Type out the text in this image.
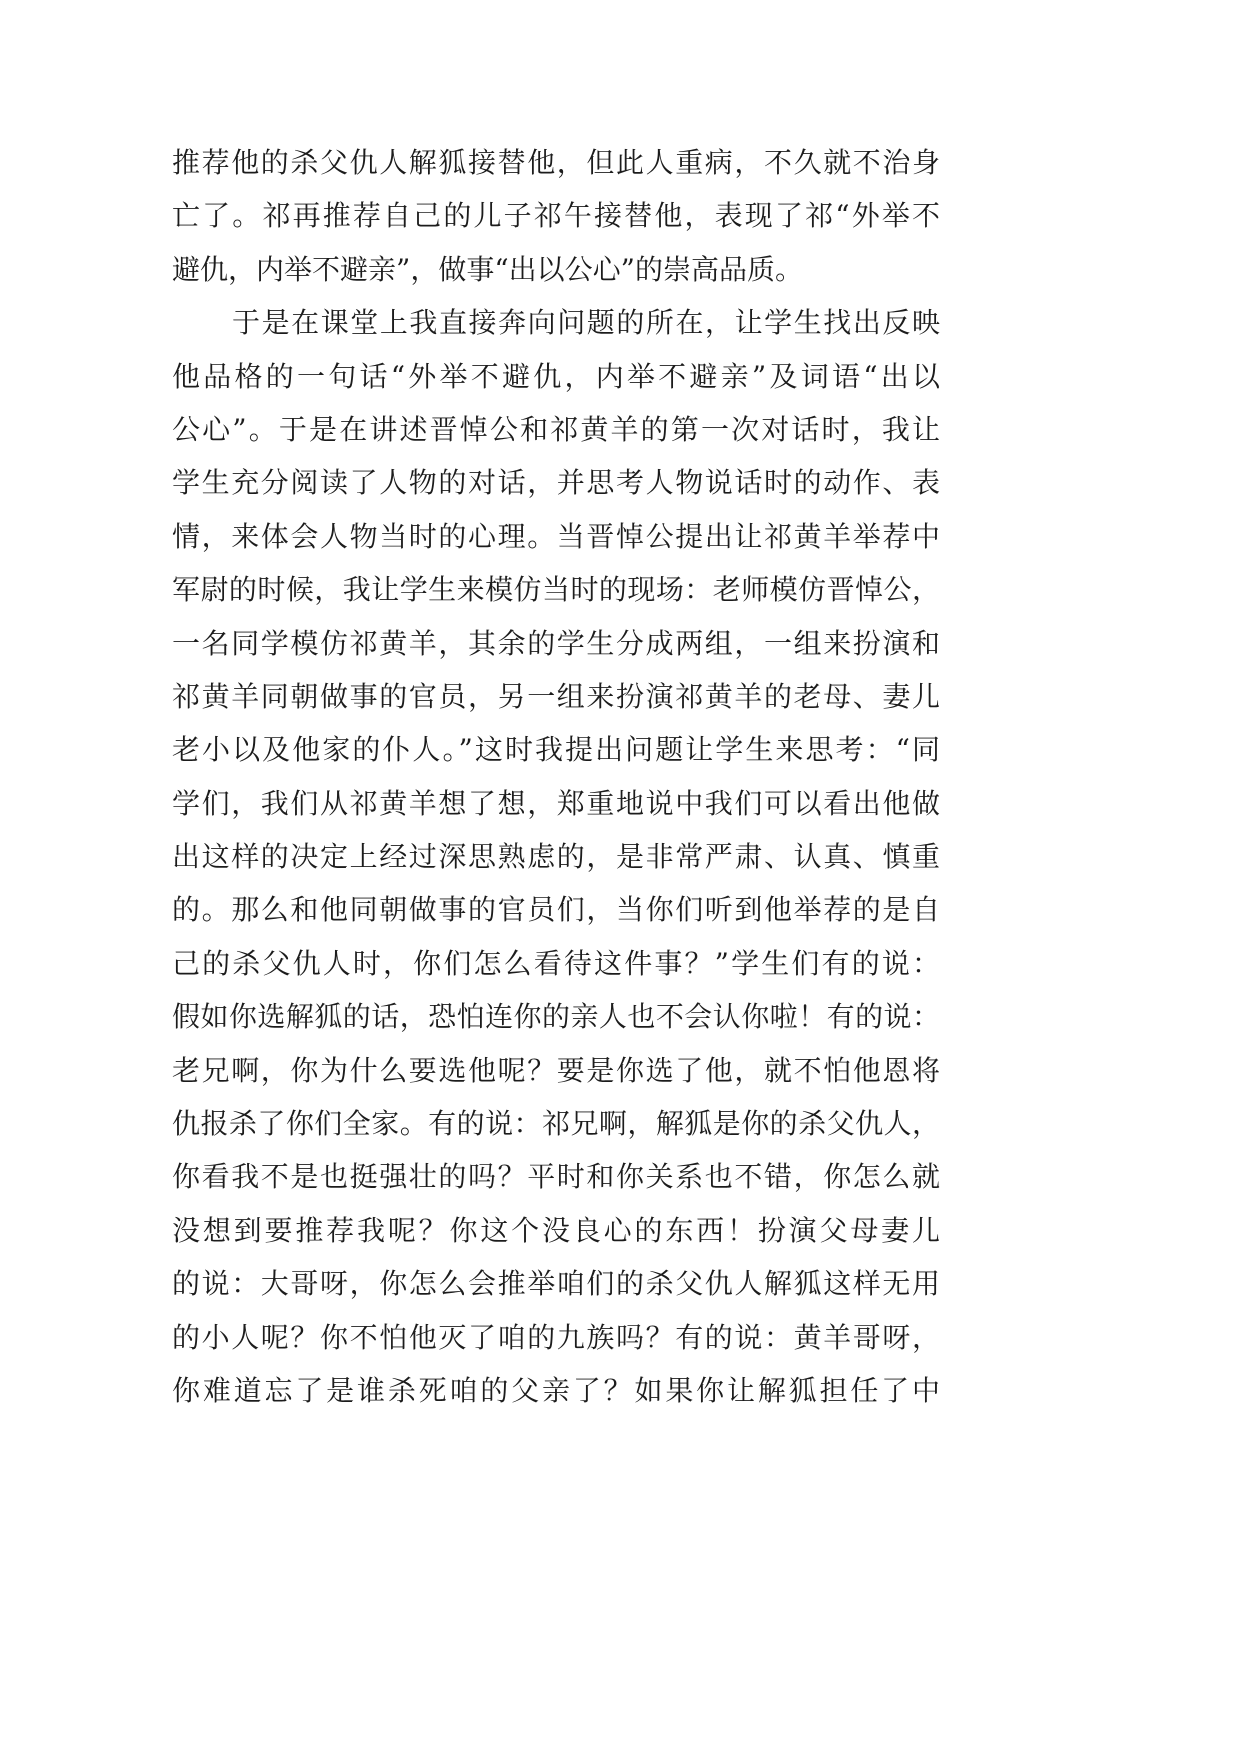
推荐他的杀父仇人解狐接替他，但此人重病，不久就不治身
亡了。祁再推荐自己的儿子祁午接替他，表现了祁“外举不
避仇，内举不避亲”，做事“出以公心”的崇高品质。
于是在课堂上我直接奔向问题的所在，让学生找出反映
他品格的一句话“外举不避仇，内举不避亲”及词语“出以
公心”。于是在讲述晋悼公和祁黄羊的第一次对话时，我让
学生充分阅读了人物的对话，并思考人物说话时的动作、表
情，来体会人物当时的心理。当晋悼公提出让祁黄羊举荐中
军尉的时候，我让学生来模仿当时的现场：老师模仿晋悼公，
一名同学模仿祁黄羊，其余的学生分成两组，一组来扮演和
祁黄羊同朝做事的官员，另一组来扮演祁黄羊的老母、妻儿
老小以及他家的仆人。”这时我提出问题让学生来思考：“同
学们，我们从祁黄羊想了想，郑重地说中我们可以看出他做
出这样的决定上经过深思熟虑的，是非常严肃、认真、慎重
的。那么和他同朝做事的官员们，当你们听到他举荐的是自
己的杀父仇人时，你们怎么看待这件事？”学生们有的说：
假如你选解狐的话，恐怕连你的亲人也不会认你啦！有的说：
老兄啊，你为什么要选他呢？要是你选了他，就不怕他恩将
仇报杀了你们全家。有的说：祁兄啊，解狐是你的杀父仇人，
你看我不是也挺强壮的吗？平时和你关系也不错，你怎么就
没想到要推荐我呢？你这个没良心的东西！扮演父母妻儿
的说：大哥呀，你怎么会推举咱们的杀父仇人解狐这样无用
的小人呢？你不怕他灭了咱的九族吗？有的说：黄羊哥呀，
你难道忘了是谁杀死咱的父亲了？如果你让解狐担任了中
